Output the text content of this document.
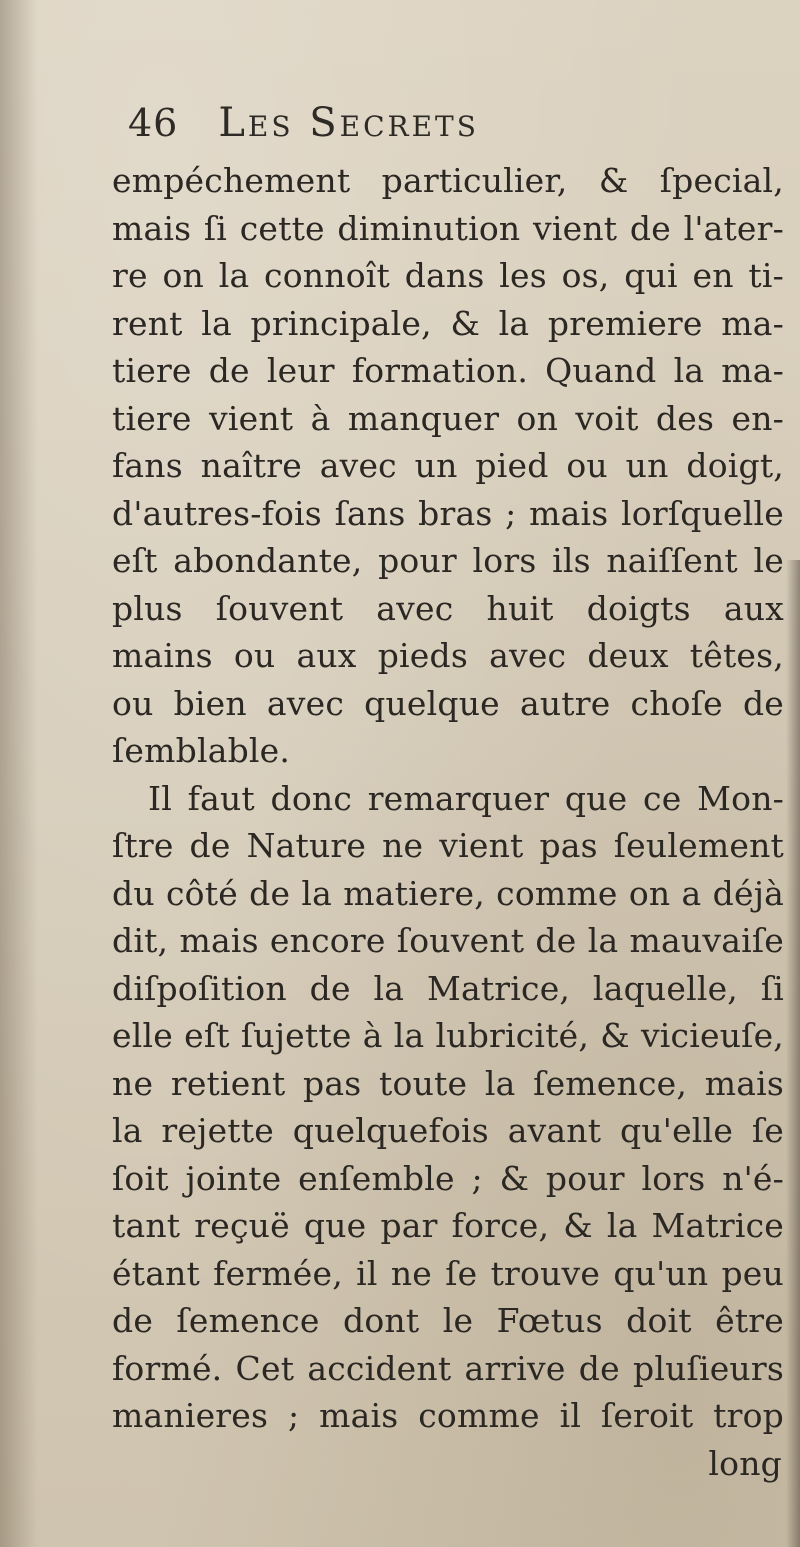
46 Les Secrets
empéchement particulier, & ſpecial,
mais ſi cette diminution vient de l'ater-
re on la connoît dans les os, qui en ti-
rent la principale, & la premiere ma-
tiere de leur formation. Quand la ma-
tiere vient à manquer on voit des en-
fans naître avec un pied ou un doigt,
d'autres-fois ſans bras ; mais lorſquelle
eſt abondante, pour lors ils naiſſent le
plus ſouvent avec huit doigts aux
mains ou aux pieds avec deux têtes,
ou bien avec quelque autre choſe de
ſemblable.
Il faut donc remarquer que ce Mon-
ſtre de Nature ne vient pas ſeulement
du côté de la matiere, comme on a déjà
dit, mais encore ſouvent de la mauvaiſe
diſpoſition de la Matrice, laquelle, ſi
elle eſt ſujette à la lubricité, & vicieuſe,
ne retient pas toute la ſemence, mais
la rejette quelquefois avant qu'elle ſe
ſoit jointe enſemble ; & pour lors n'é-
tant reçuë que par force, & la Matrice
étant fermée, il ne ſe trouve qu'un peu
de ſemence dont le Fœtus doit être
formé. Cet accident arrive de pluſieurs
manieres ; mais comme il ſeroit trop
long
